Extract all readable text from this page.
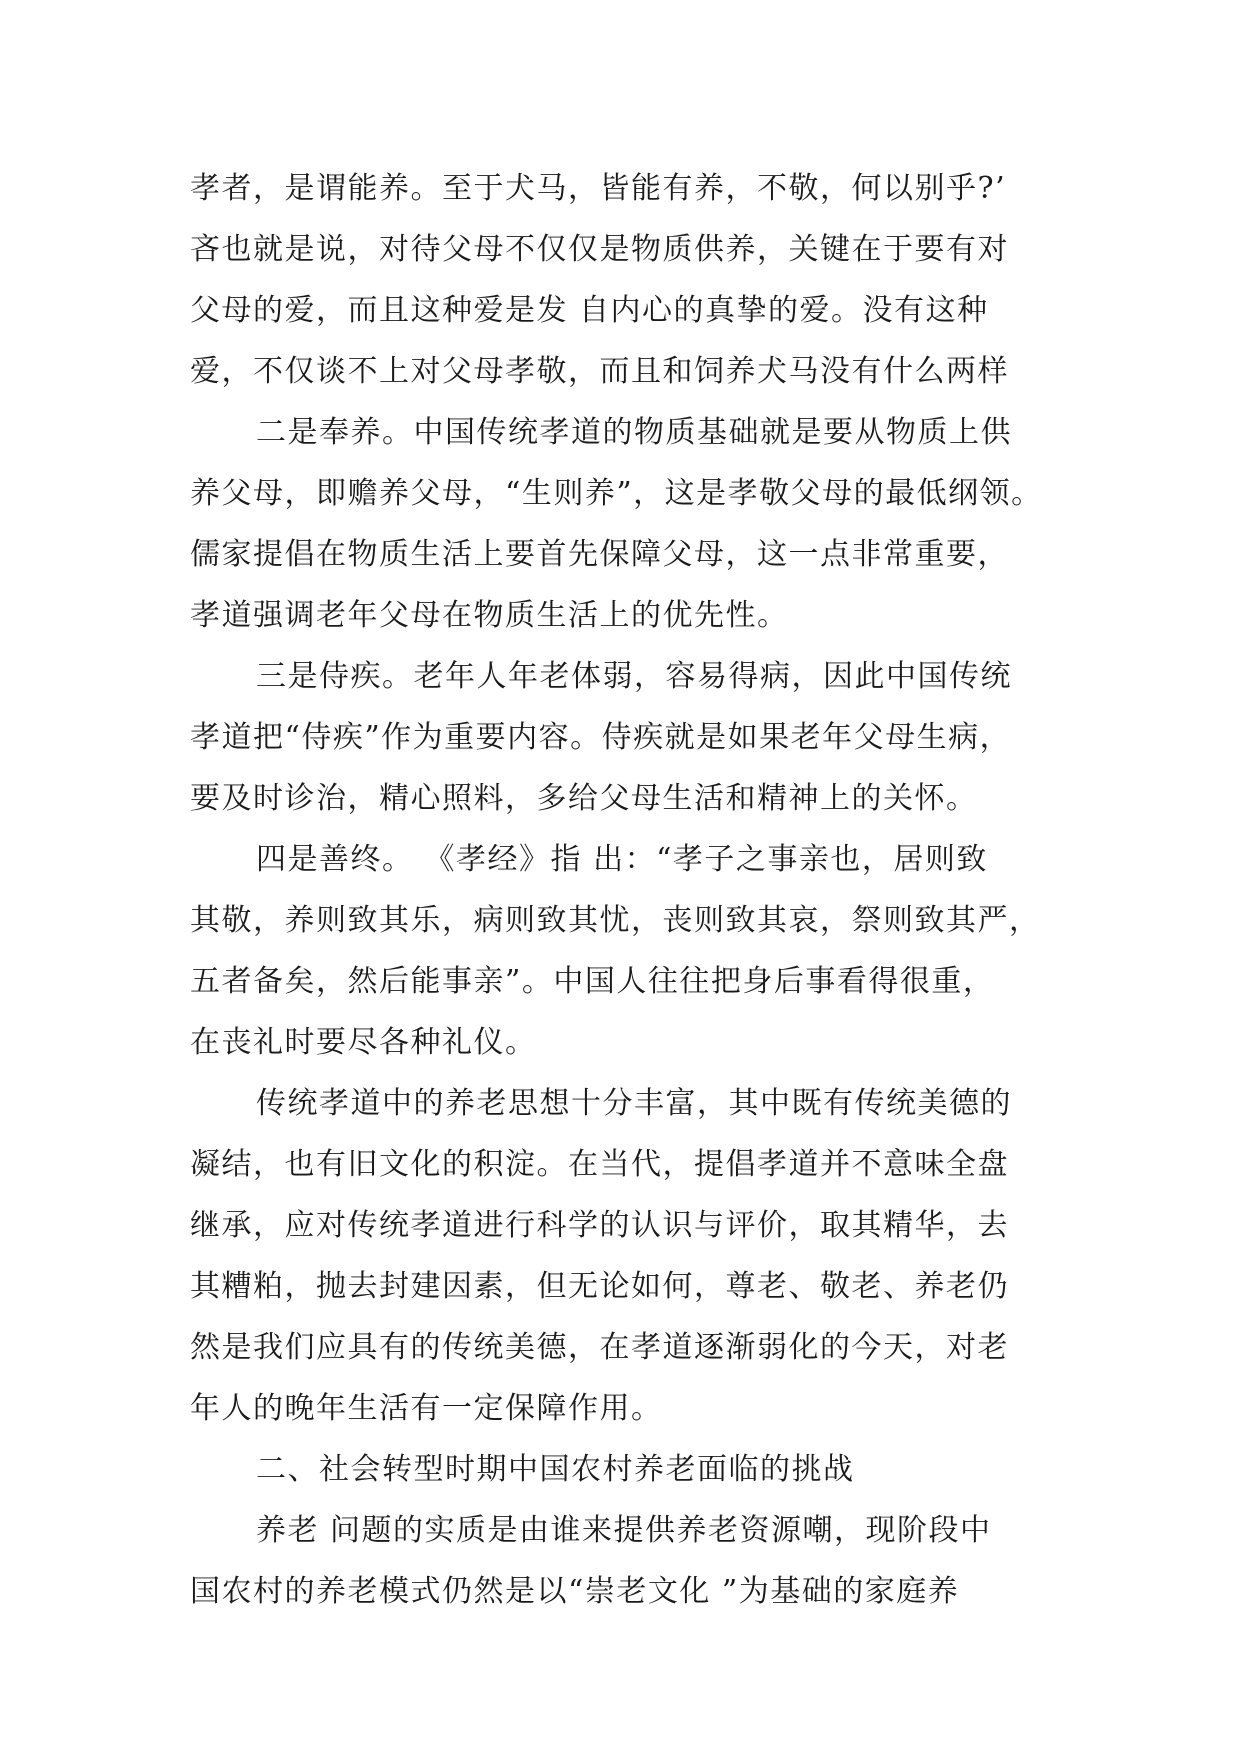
孝者，是谓能养。至于犬马，皆能有养，不敬，何以别乎?’
吝也就是说，对待父母不仅仅是物质供养，关键在于要有对
父母的爱，而且这种爱是发 自内心的真挚的爱。没有这种
爱，不仅谈不上对父母孝敬，而且和饲养犬马没有什么两样
二是奉养。中国传统孝道的物质基础就是要从物质上供
养父母，即赡养父母，“生则养”，这是孝敬父母的最低纲领。
儒家提倡在物质生活上要首先保障父母，这一点非常重要，
孝道强调老年父母在物质生活上的优先性。
三是侍疾。老年人年老体弱，容易得病，因此中国传统
孝道把“侍疾”作为重要内容。侍疾就是如果老年父母生病，
要及时诊治，精心照料，多给父母生活和精神上的关怀。
四是善终。 《孝经》指 出：“孝子之事亲也，居则致
其敬，养则致其乐，病则致其忧，丧则致其哀，祭则致其严，
五者备矣，然后能事亲”。中国人往往把身后事看得很重，
在丧礼时要尽各种礼仪。
传统孝道中的养老思想十分丰富，其中既有传统美德的
凝结，也有旧文化的积淀。在当代，提倡孝道并不意味全盘
继承，应对传统孝道进行科学的认识与评价，取其精华，去
其糟粕，抛去封建因素，但无论如何，尊老、敬老、养老仍
然是我们应具有的传统美德，在孝道逐渐弱化的今天，对老
年人的晚年生活有一定保障作用。
二、社会转型时期中国农村养老面临的挑战
养老 问题的实质是由谁来提供养老资源嘲，现阶段中
国农村的养老模式仍然是以“崇老文化 ”为基础的家庭养
